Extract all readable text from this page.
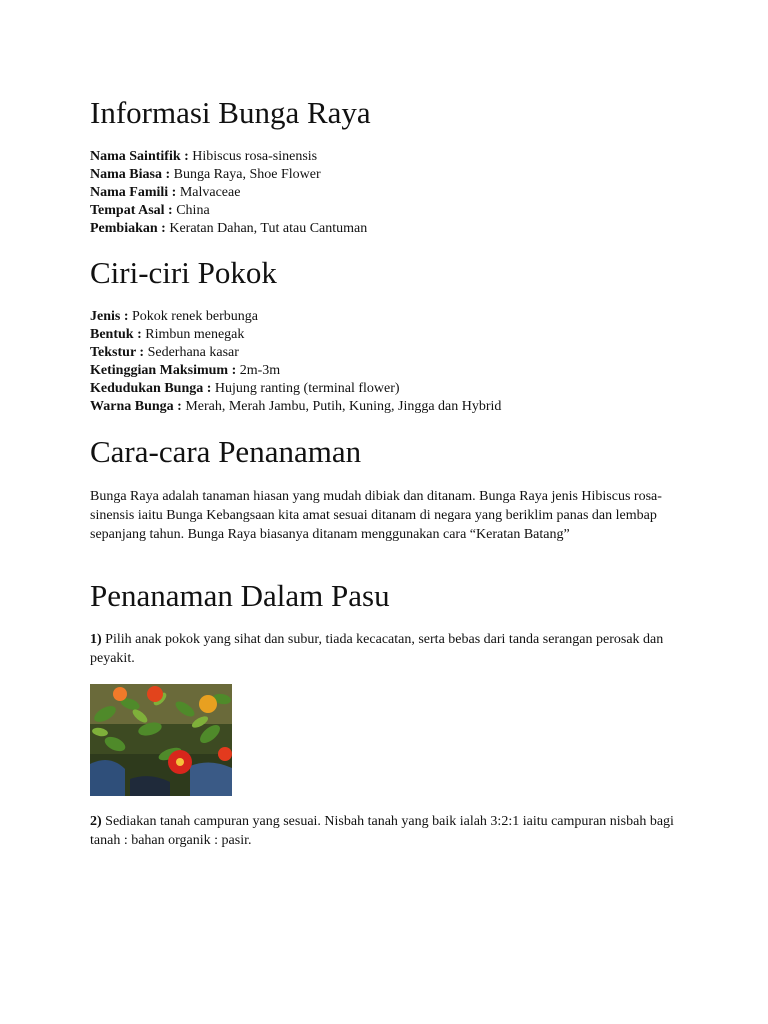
Informasi Bunga Raya
Nama Saintifik : Hibiscus rosa-sinensis
Nama Biasa : Bunga Raya, Shoe Flower
Nama Famili : Malvaceae
Tempat Asal : China
Pembiakan : Keratan Dahan, Tut atau Cantuman
Ciri-ciri Pokok
Jenis : Pokok renek berbunga
Bentuk : Rimbun menegak
Tekstur : Sederhana kasar
Ketinggian Maksimum : 2m-3m
Kedudukan Bunga : Hujung ranting (terminal flower)
Warna Bunga : Merah, Merah Jambu, Putih, Kuning, Jingga dan Hybrid
Cara-cara Penanaman
Bunga Raya adalah tanaman hiasan yang mudah dibiak dan ditanam. Bunga Raya jenis Hibiscus rosa-sinensis iaitu Bunga Kebangsaan kita amat sesuai ditanam di negara yang beriklim panas dan lembap sepanjang tahun. Bunga Raya biasanya ditanam menggunakan cara “Keratan Batang”
Penanaman Dalam Pasu
1) Pilih anak pokok yang sihat dan subur, tiada kecacatan, serta bebas dari tanda serangan perosak dan peyakit.
2) Sediakan tanah campuran yang sesuai. Nisbah tanah yang baik ialah 3:2:1 iaitu campuran nisbah bagi tanah : bahan organik : pasir.
